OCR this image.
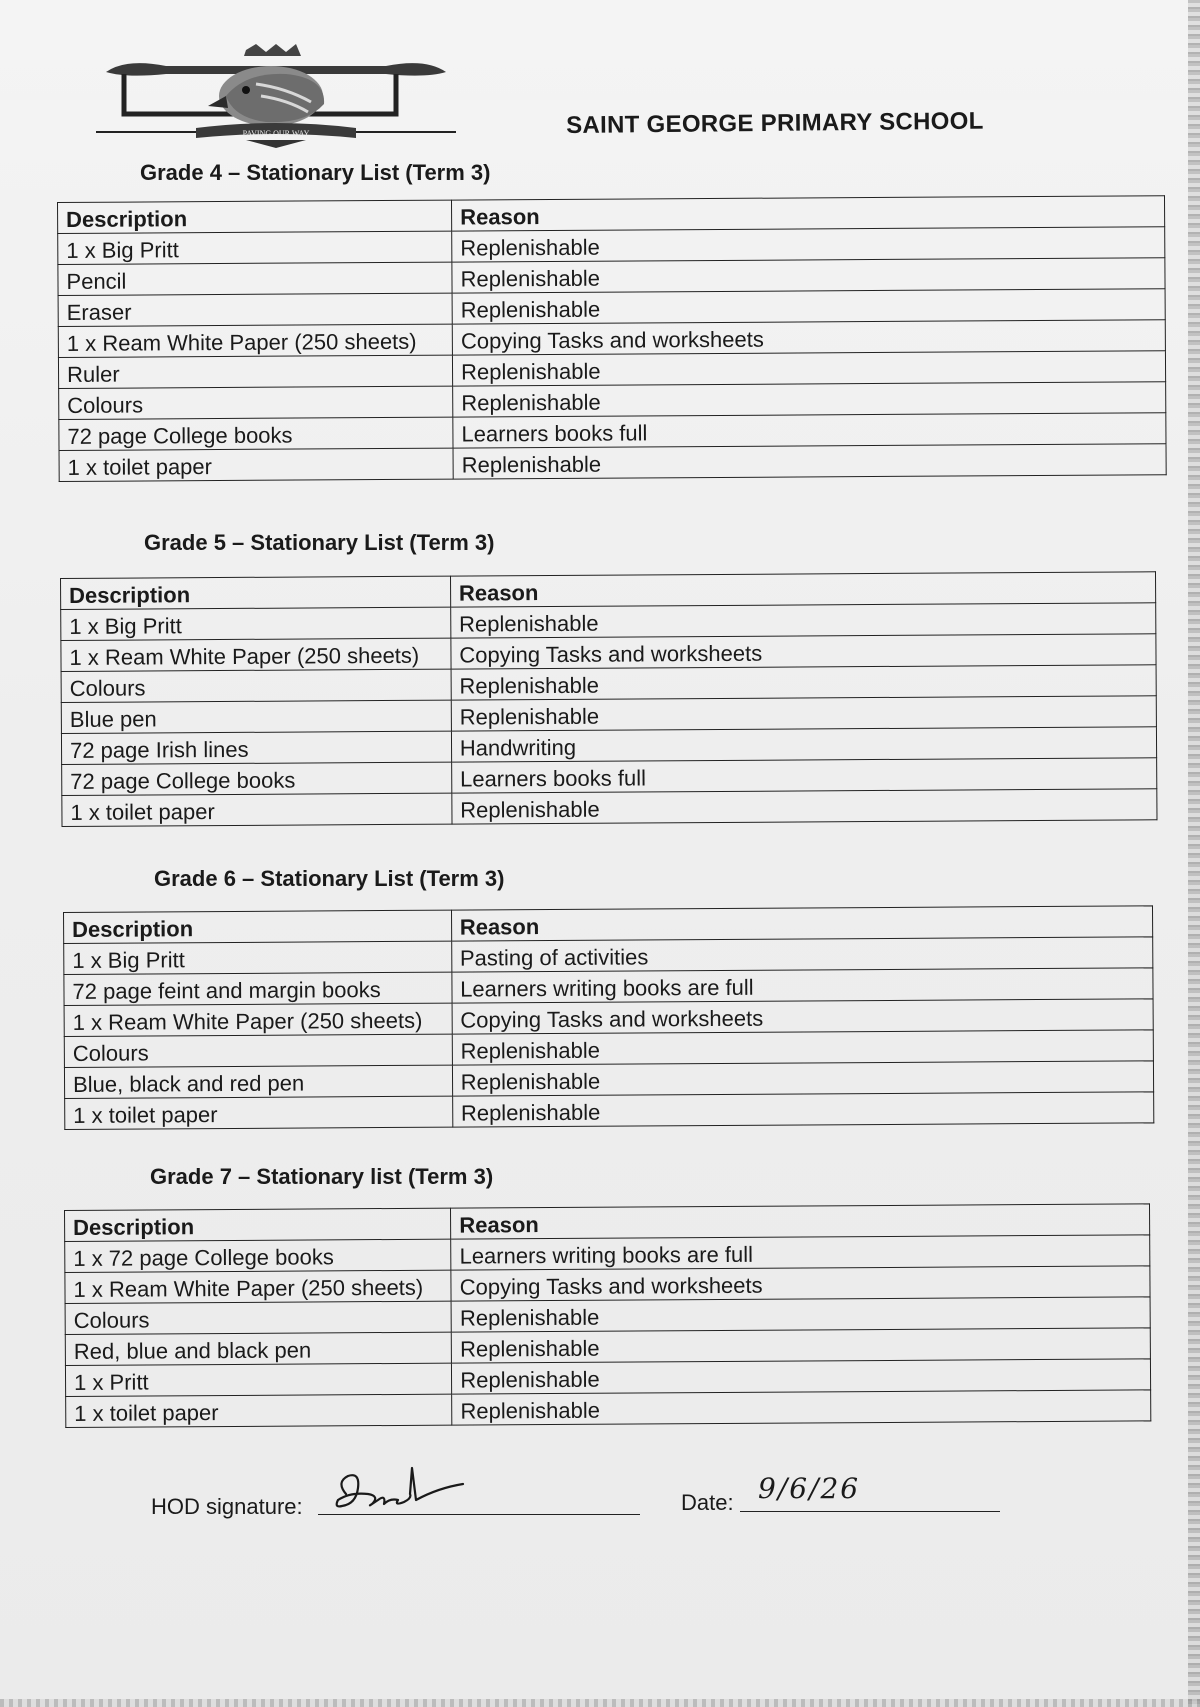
PAVING OUR WAY	SAINT GEORGE PRIMARY SCHOOL
Grade 4 – Stationary List (Term 3)
Grade 5 – Stationary List (Term 3)
Grade 6 – Stationary List (Term 3)
Grade 7 – Stationary list (Term 3)
Description	Reason
1 x Big Pritt	Replenishable
Pencil	Replenishable
Eraser	Replenishable
1 x Ream White Paper (250 sheets)	Copying Tasks and worksheets
Ruler	Replenishable
Colours	Replenishable
72 page College books	Learners books full
1 x toilet paper	Replenishable
Description	Reason
1 x Big Pritt	Replenishable
1 x Ream White Paper (250 sheets)	Copying Tasks and worksheets
Colours	Replenishable
Blue pen	Replenishable
72 page Irish lines	Handwriting
72 page College books	Learners books full
1 x toilet paper	Replenishable
Description	Reason
1 x Big Pritt	Pasting of activities
72 page feint and margin books	Learners writing books are full
1 x Ream White Paper (250 sheets)	Copying Tasks and worksheets
Colours	Replenishable
Blue, black and red pen	Replenishable
1 x toilet paper	Replenishable
Description	Reason
1 x 72 page College books	Learners writing books are full
1 x Ream White Paper (250 sheets)	Copying Tasks and worksheets
Colours	Replenishable
Red, blue and black pen	Replenishable
1 x Pritt	Replenishable
1 x toilet paper	Replenishable
HOD signature:	Date: 9/6/26
